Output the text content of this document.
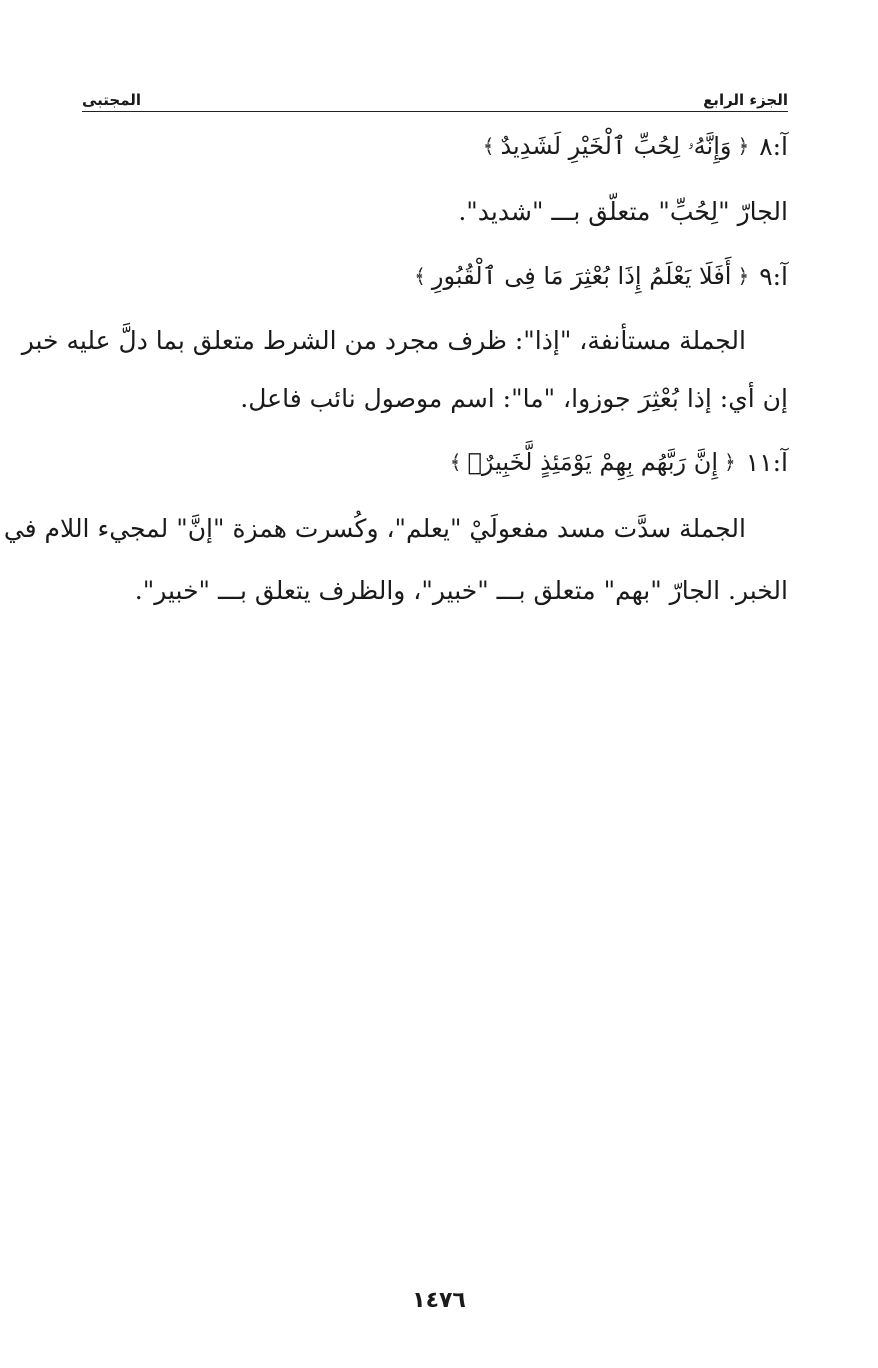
الجزء الرابع
المجتبى
آ:٨
﴿
وَإِنَّهُۥ لِحُبِّ ٱلْخَيْرِ لَشَدِيدٌ
﴾
الجارّ "لِحُبِّ" متعلّق بـــ "شديد".
آ:٩
﴿
أَفَلَا يَعْلَمُ إِذَا بُعْثِرَ مَا فِى ٱلْقُبُورِ
﴾
الجملة مستأنفة، "إذا": ظرف مجرد من الشرط متعلق بما دلَّ عليه خبر
إن أي: إذا بُعْثِرَ جوزوا، "ما": اسم موصول نائب فاعل.
آ:١١
﴿
إِنَّ رَبَّهُم بِهِمْ يَوْمَئِذٍ لَّخَبِيرٌۢ
﴾
الجملة سدَّت مسد مفعولَيْ "يعلم"، وكُسرت همزة "إنَّ" لمجيء اللام في
الخبر. الجارّ "بهم" متعلق بـــ "خبير"، والظرف يتعلق بـــ "خبير".
١٤٧٦
